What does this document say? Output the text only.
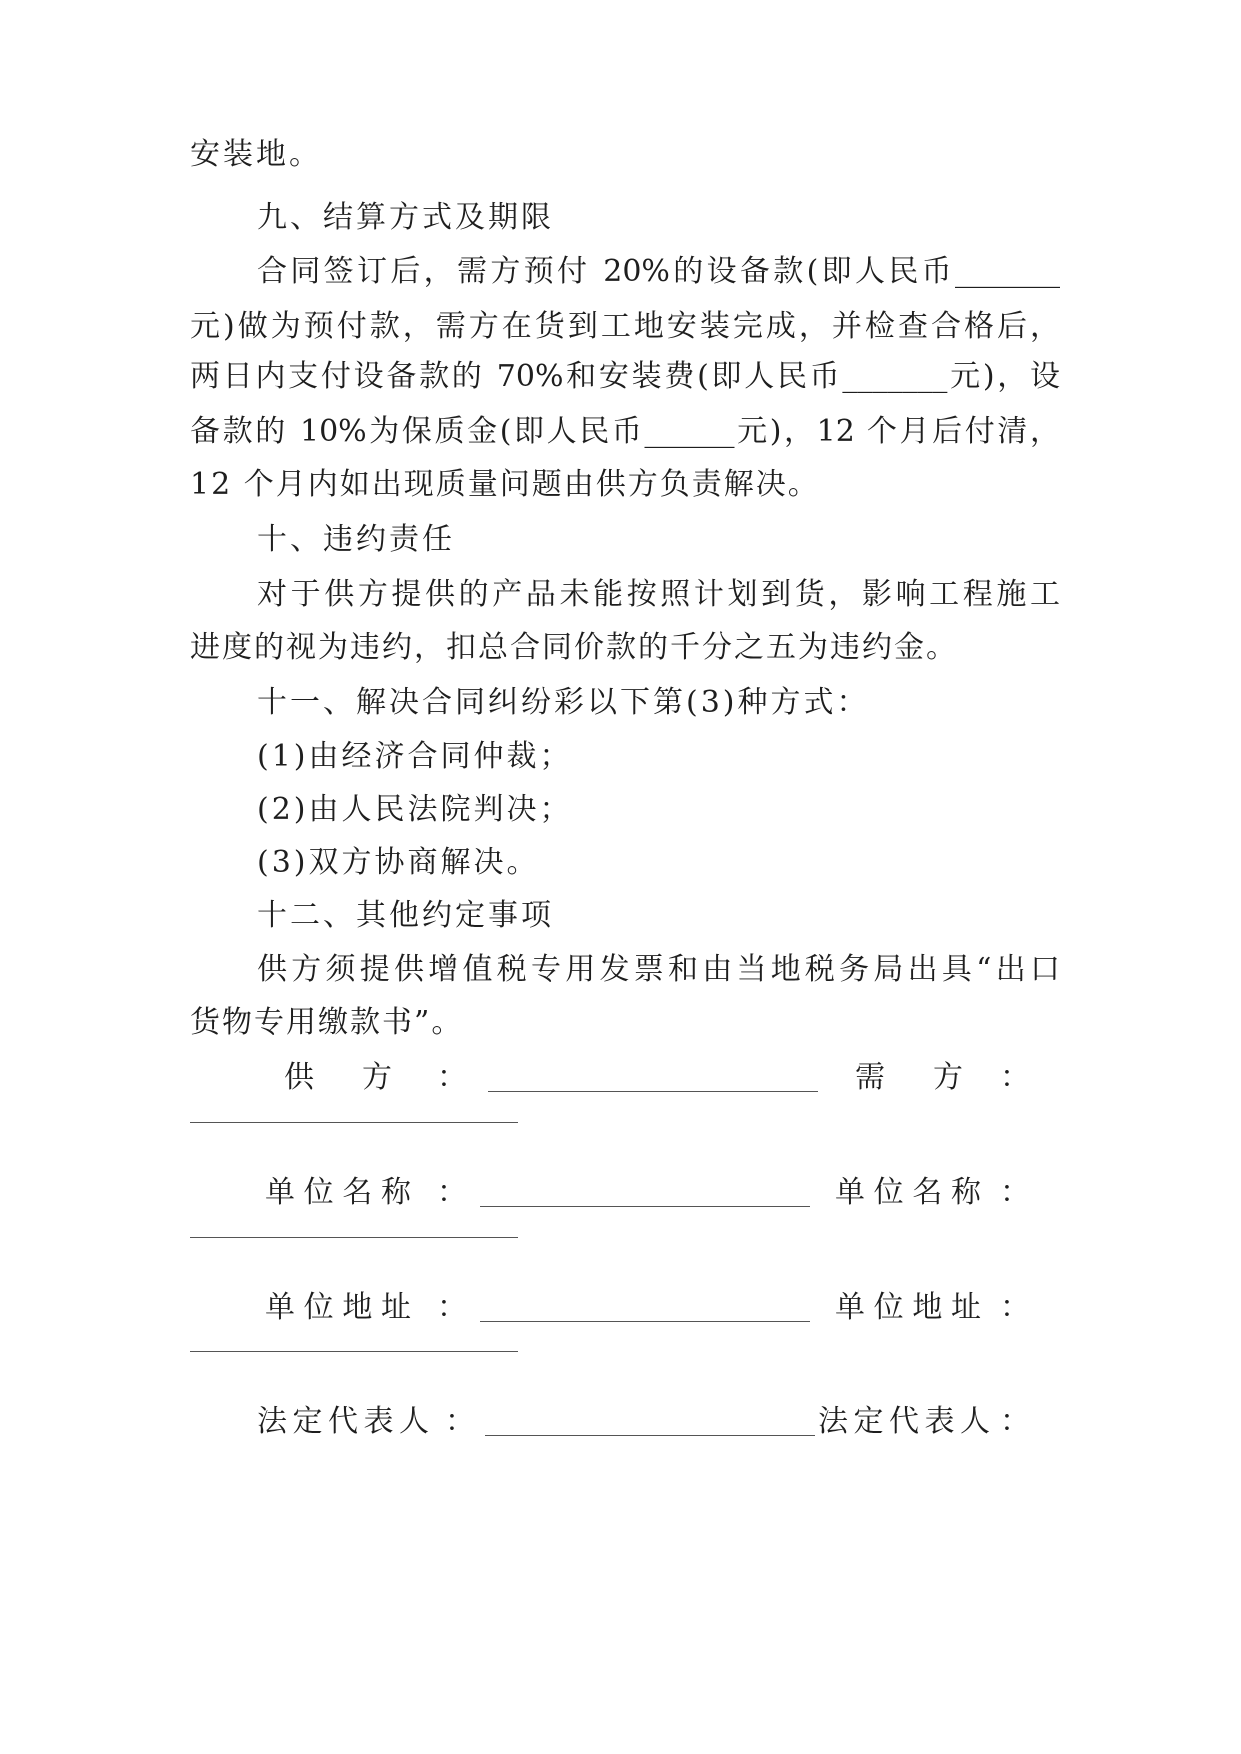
安装地。
九、结算方式及期限
合同签订后，需方预付 20%的设备款(即人民币_______
元)做为预付款，需方在货到工地安装完成，并检查合格后，
两日内支付设备款的 70%和安装费(即人民币_______元)，设
备款的 10%为保质金(即人民币______元)，12 个月后付清，
12 个月内如出现质量问题由供方负责解决。
十、违约责任
对于供方提供的产品未能按照计划到货，影响工程施工
进度的视为违约，扣总合同价款的千分之五为违约金。
十一、解决合同纠纷彩以下第(3)种方式：
(1)由经济合同仲裁；
(2)由人民法院判决；
(3)双方协商解决。
十二、其他约定事项
供方须提供增值税专用发票和由当地税务局出具“出口
货物专用缴款书”。
供方 ：	需方 ：
单位名称 ：	单位名称 ：
单位地址 ：	单位地址 ：
法定代表人 ：	法定代表人 ：
